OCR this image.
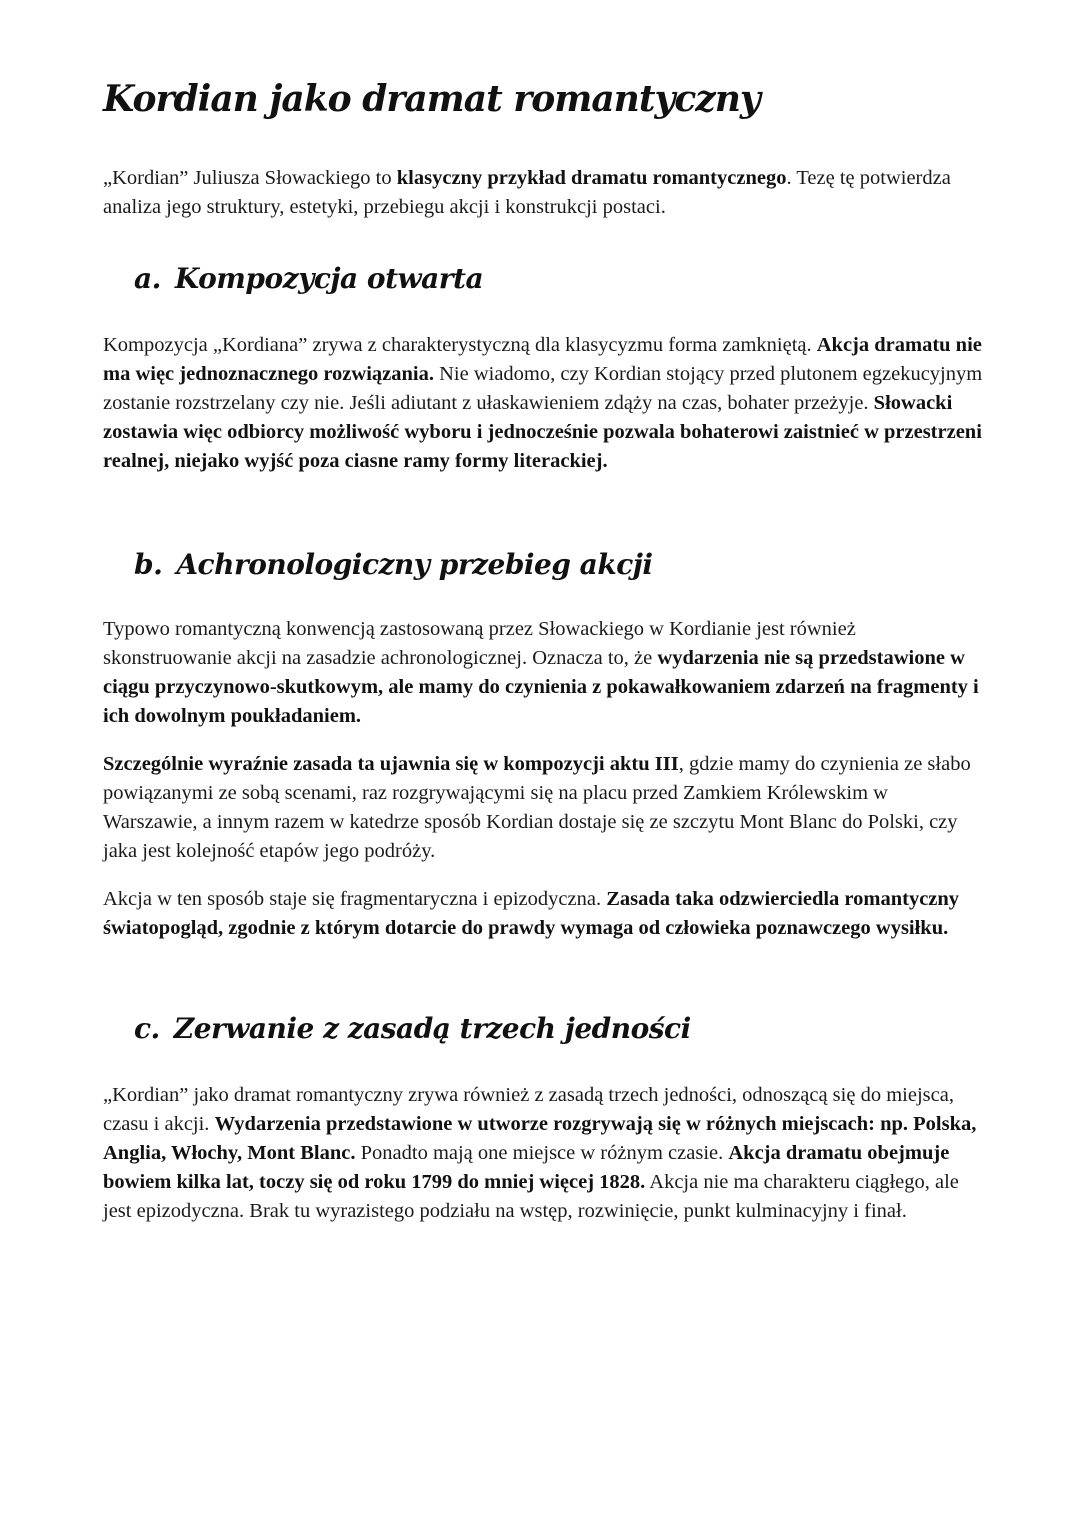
Kordian jako dramat romantyczny

„Kordian” Juliusza Słowackiego to klasyczny przykład dramatu romantycznego. Tezę tę potwierdza analiza jego struktury, estetyki, przebiegu akcji i konstrukcji postaci.

a. Kompozycja otwarta

Kompozycja „Kordiana” zrywa z charakterystyczną dla klasycyzmu forma zamkniętą. Akcja dramatu nie ma więc jednoznacznego rozwiązania. Nie wiadomo, czy Kordian stojący przed plutonem egzekucyjnym zostanie rozstrzelany czy nie. Jeśli adiutant z ułaskawieniem zdąży na czas, bohater przeżyje. Słowacki zostawia więc odbiorcy możliwość wyboru i jednocześnie pozwala bohaterowi zaistnieć w przestrzeni realnej, niejako wyjść poza ciasne ramy formy literackiej.

b. Achronologiczny przebieg akcji

Typowo romantyczną konwencją zastosowaną przez Słowackiego w Kordianie jest również skonstruowanie akcji na zasadzie achronologicznej. Oznacza to, że wydarzenia nie są przedstawione w ciągu przyczynowo-skutkowym, ale mamy do czynienia z pokawałkowaniem zdarzeń na fragmenty i ich dowolnym poukładaniem.

Szczególnie wyraźnie zasada ta ujawnia się w kompozycji aktu III, gdzie mamy do czynienia ze słabo powiązanymi ze sobą scenami, raz rozgrywającymi się na placu przed Zamkiem Królewskim w Warszawie, a innym razem w katedrze sposób Kordian dostaje się ze szczytu Mont Blanc do Polski, czy jaka jest kolejność etapów jego podróży.

Akcja w ten sposób staje się fragmentaryczna i epizodyczna. Zasada taka odzwierciedla romantyczny światopogląd, zgodnie z którym dotarcie do prawdy wymaga od człowieka poznawczego wysiłku.

c. Zerwanie z zasadą trzech jedności

„Kordian” jako dramat romantyczny zrywa również z zasadą trzech jedności, odnoszącą się do miejsca, czasu i akcji. Wydarzenia przedstawione w utworze rozgrywają się w różnych miejscach: np. Polska, Anglia, Włochy, Mont Blanc. Ponadto mają one miejsce w różnym czasie. Akcja dramatu obejmuje bowiem kilka lat, toczy się od roku 1799 do mniej więcej 1828. Akcja nie ma charakteru ciągłego, ale jest epizodyczna. Brak tu wyrazistego podziału na wstęp, rozwinięcie, punkt kulminacyjny i finał.
